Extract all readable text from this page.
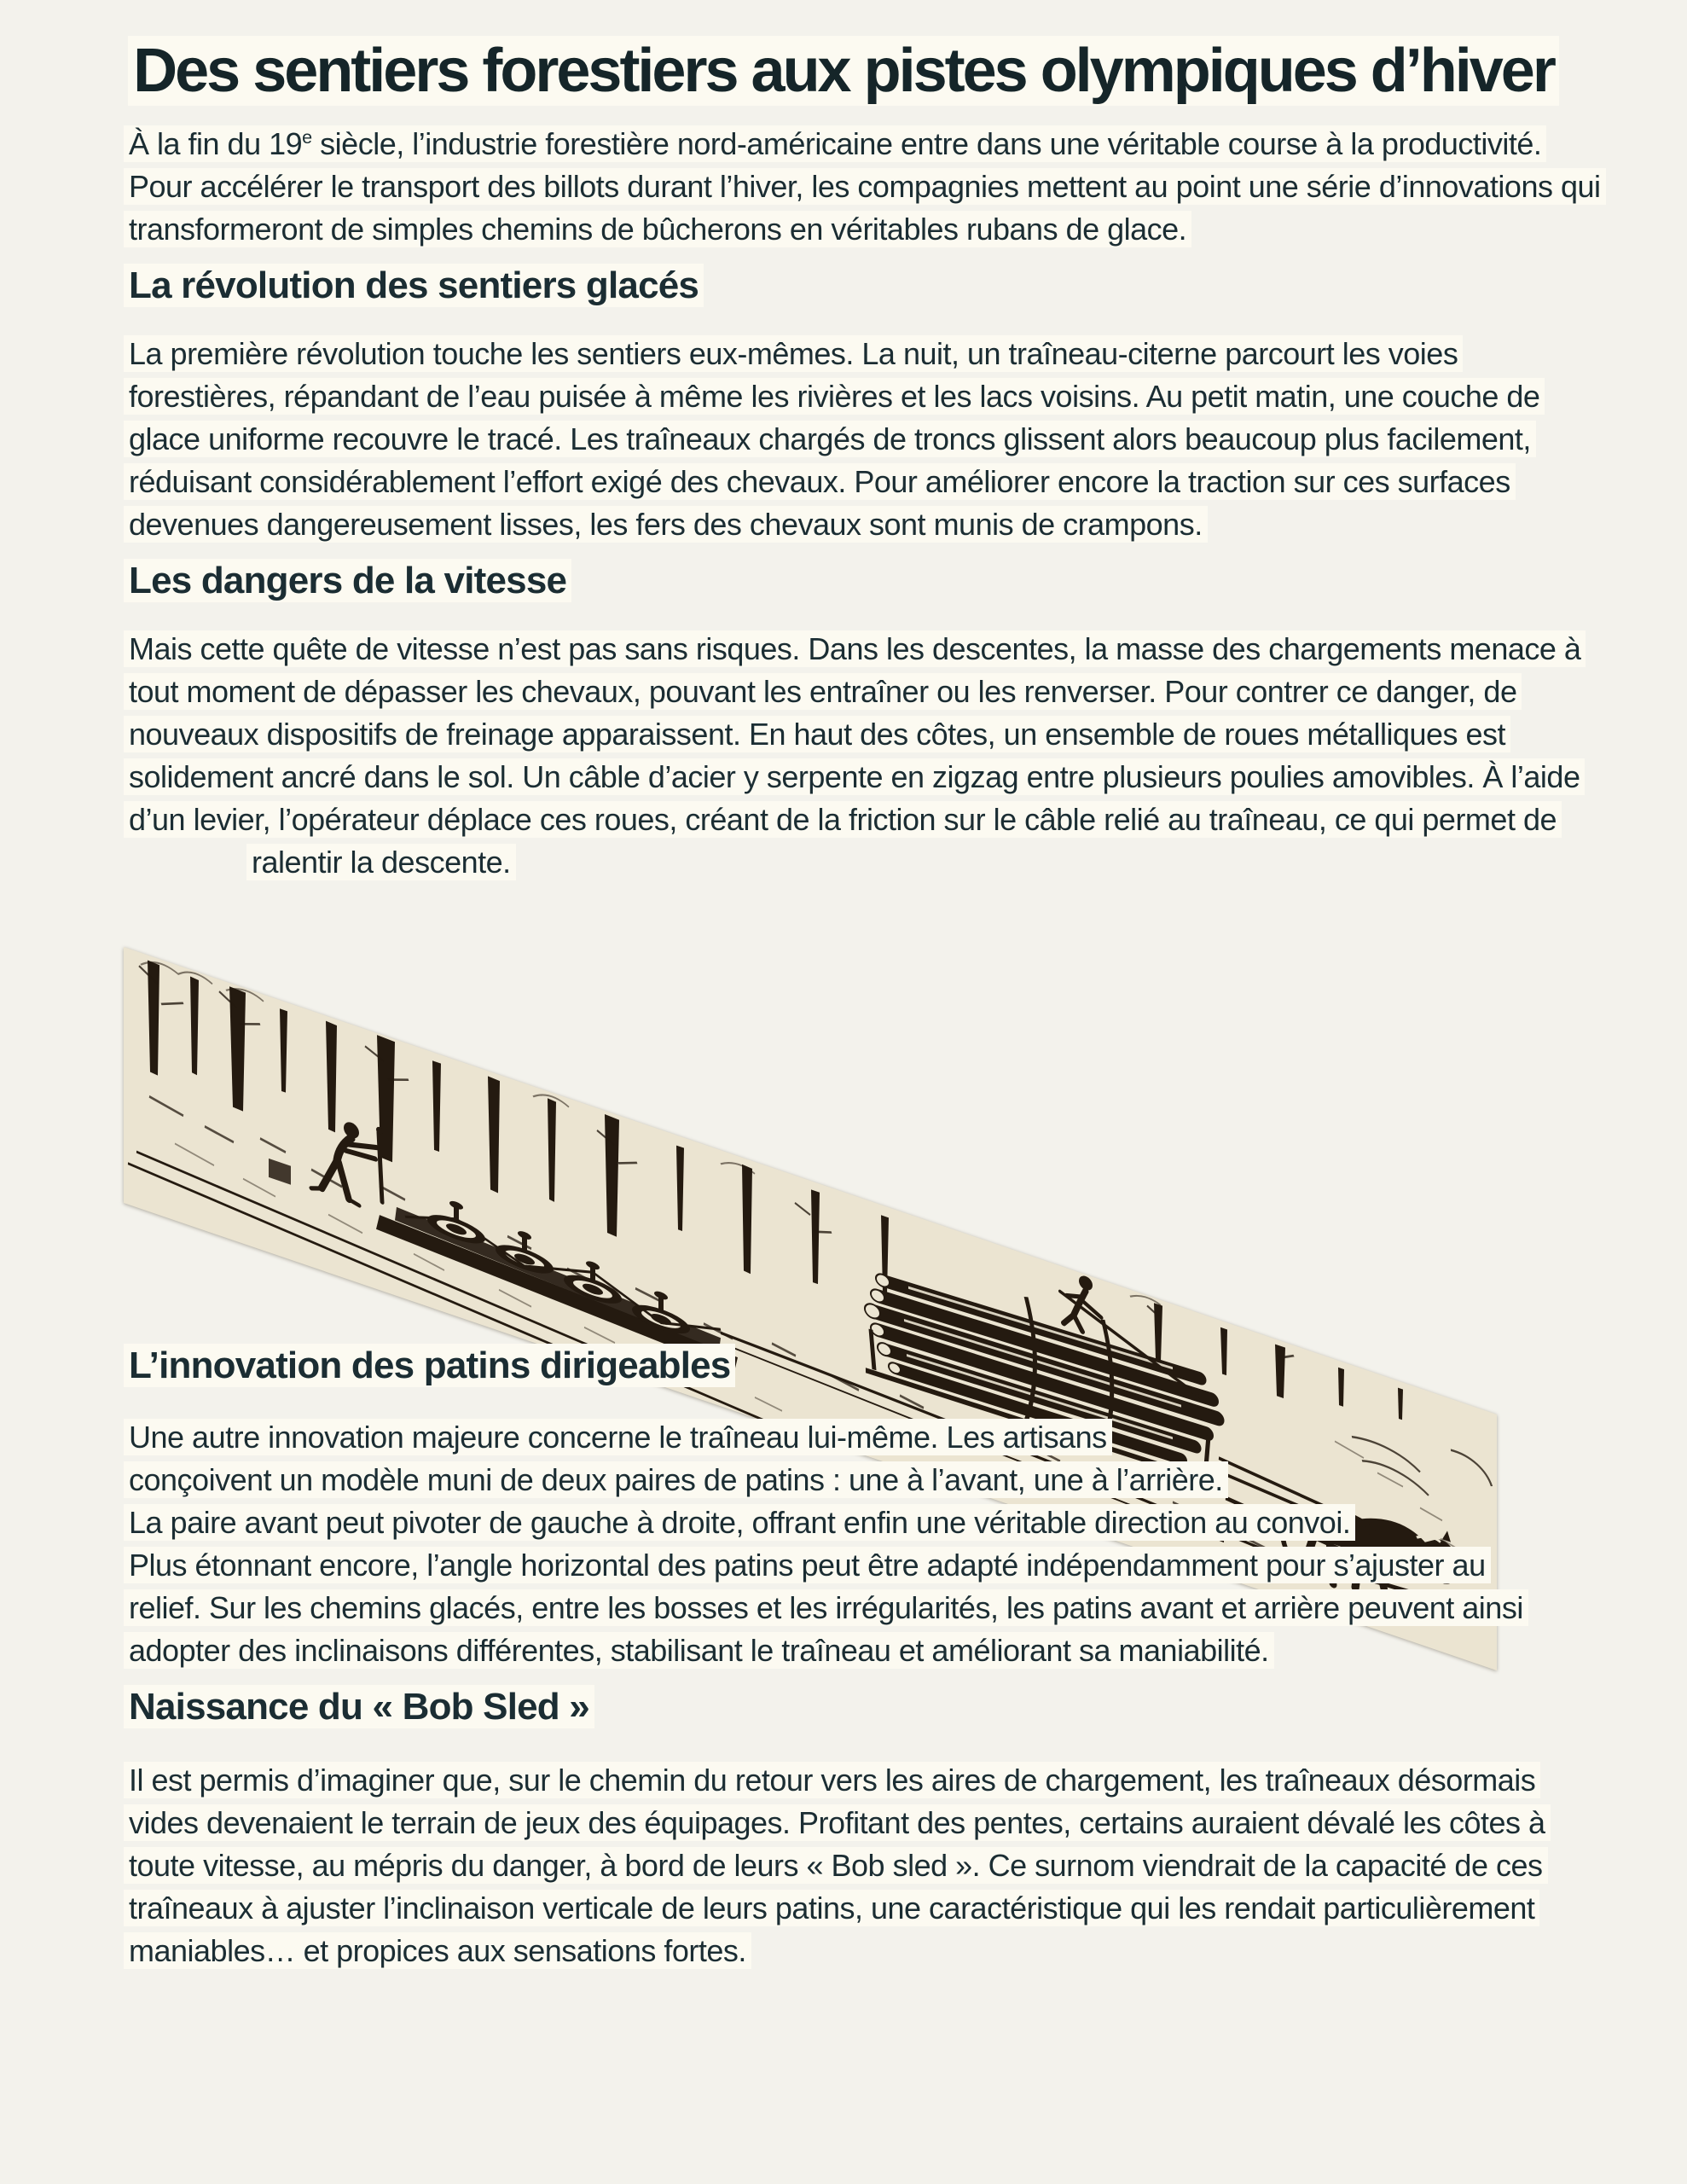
Des sentiers forestiers aux pistes olympiques d’hiver

À la fin du 19e siècle, l’industrie forestière nord-américaine entre dans une véritable course à la productivité. Pour accélérer le transport des billots durant l’hiver, les compagnies mettent au point une série d’innovations qui transformeront de simples chemins de bûcherons en véritables rubans de glace.

La révolution des sentiers glacés

La première révolution touche les sentiers eux-mêmes. La nuit, un traîneau-citerne parcourt les voies forestières, répandant de l’eau puisée à même les rivières et les lacs voisins. Au petit matin, une couche de glace uniforme recouvre le tracé. Les traîneaux chargés de troncs glissent alors beaucoup plus facilement, réduisant considérablement l’effort exigé des chevaux. Pour améliorer encore la traction sur ces surfaces devenues dangereusement lisses, les fers des chevaux sont munis de crampons.

Les dangers de la vitesse

Mais cette quête de vitesse n’est pas sans risques. Dans les descentes, la masse des chargements menace à tout moment de dépasser les chevaux, pouvant les entraîner ou les renverser. Pour contrer ce danger, de nouveaux dispositifs de freinage apparaissent. En haut des côtes, un ensemble de roues métalliques est solidement ancré dans le sol. Un câble d’acier y serpente en zigzag entre plusieurs poulies amovibles. À l’aide d’un levier, l’opérateur déplace ces roues, créant de la friction sur le câble relié au traîneau, ce qui permet de ralentir la descente.

L’innovation des patins dirigeables

Une autre innovation majeure concerne le traîneau lui-même. Les artisans conçoivent un modèle muni de deux paires de patins : une à l’avant, une à l’arrière. La paire avant peut pivoter de gauche à droite, offrant enfin une véritable direction au convoi. Plus étonnant encore, l’angle horizontal des patins peut être adapté indépendamment pour s’ajuster au relief. Sur les chemins glacés, entre les bosses et les irrégularités, les patins avant et arrière peuvent ainsi adopter des inclinaisons différentes, stabilisant le traîneau et améliorant sa maniabilité.

Naissance du « Bob Sled »

Il est permis d’imaginer que, sur le chemin du retour vers les aires de chargement, les traîneaux désormais vides devenaient le terrain de jeux des équipages. Profitant des pentes, certains auraient dévalé les côtes à toute vitesse, au mépris du danger, à bord de leurs « Bob sled ». Ce surnom viendrait de la capacité de ces traîneaux à ajuster l’inclinaison verticale de leurs patins, une caractéristique qui les rendait particulièrement maniables… et propices aux sensations fortes.
